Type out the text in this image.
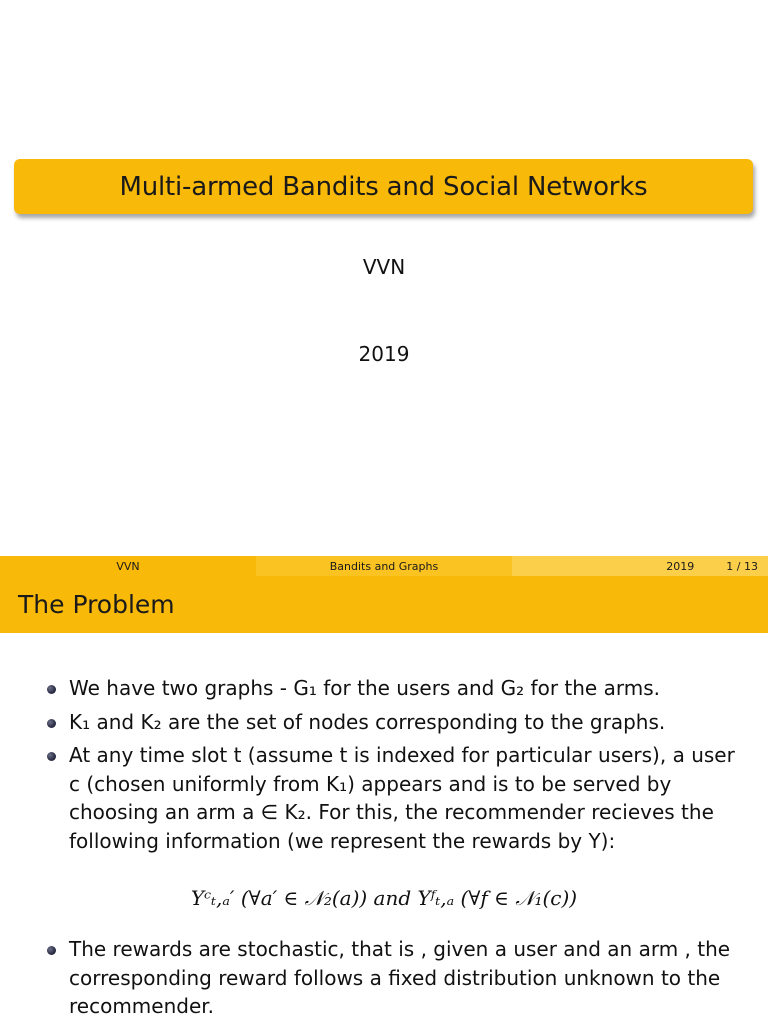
Multi-armed Bandits and Social Networks
VVN
2019
VVN	Bandits and Graphs	2019	1 / 13
The Problem
We have two graphs - G₁ for the users and G₂ for the arms.
K₁ and K₂ are the set of nodes corresponding to the graphs.
At any time slot t (assume t is indexed for particular users), a user c (chosen uniformly from K₁) appears and is to be served by choosing an arm a ∈ K₂. For this, the recommender recieves the following information (we represent the rewards by Y):
Yᶜₜ,ₐ′ (∀a′ ∈ 𝒩₂(a)) and Yᶠₜ,ₐ (∀f ∈ 𝒩₁(c))
The rewards are stochastic, that is , given a user and an arm , the corresponding reward follows a fixed distribution unknown to the recommender.
